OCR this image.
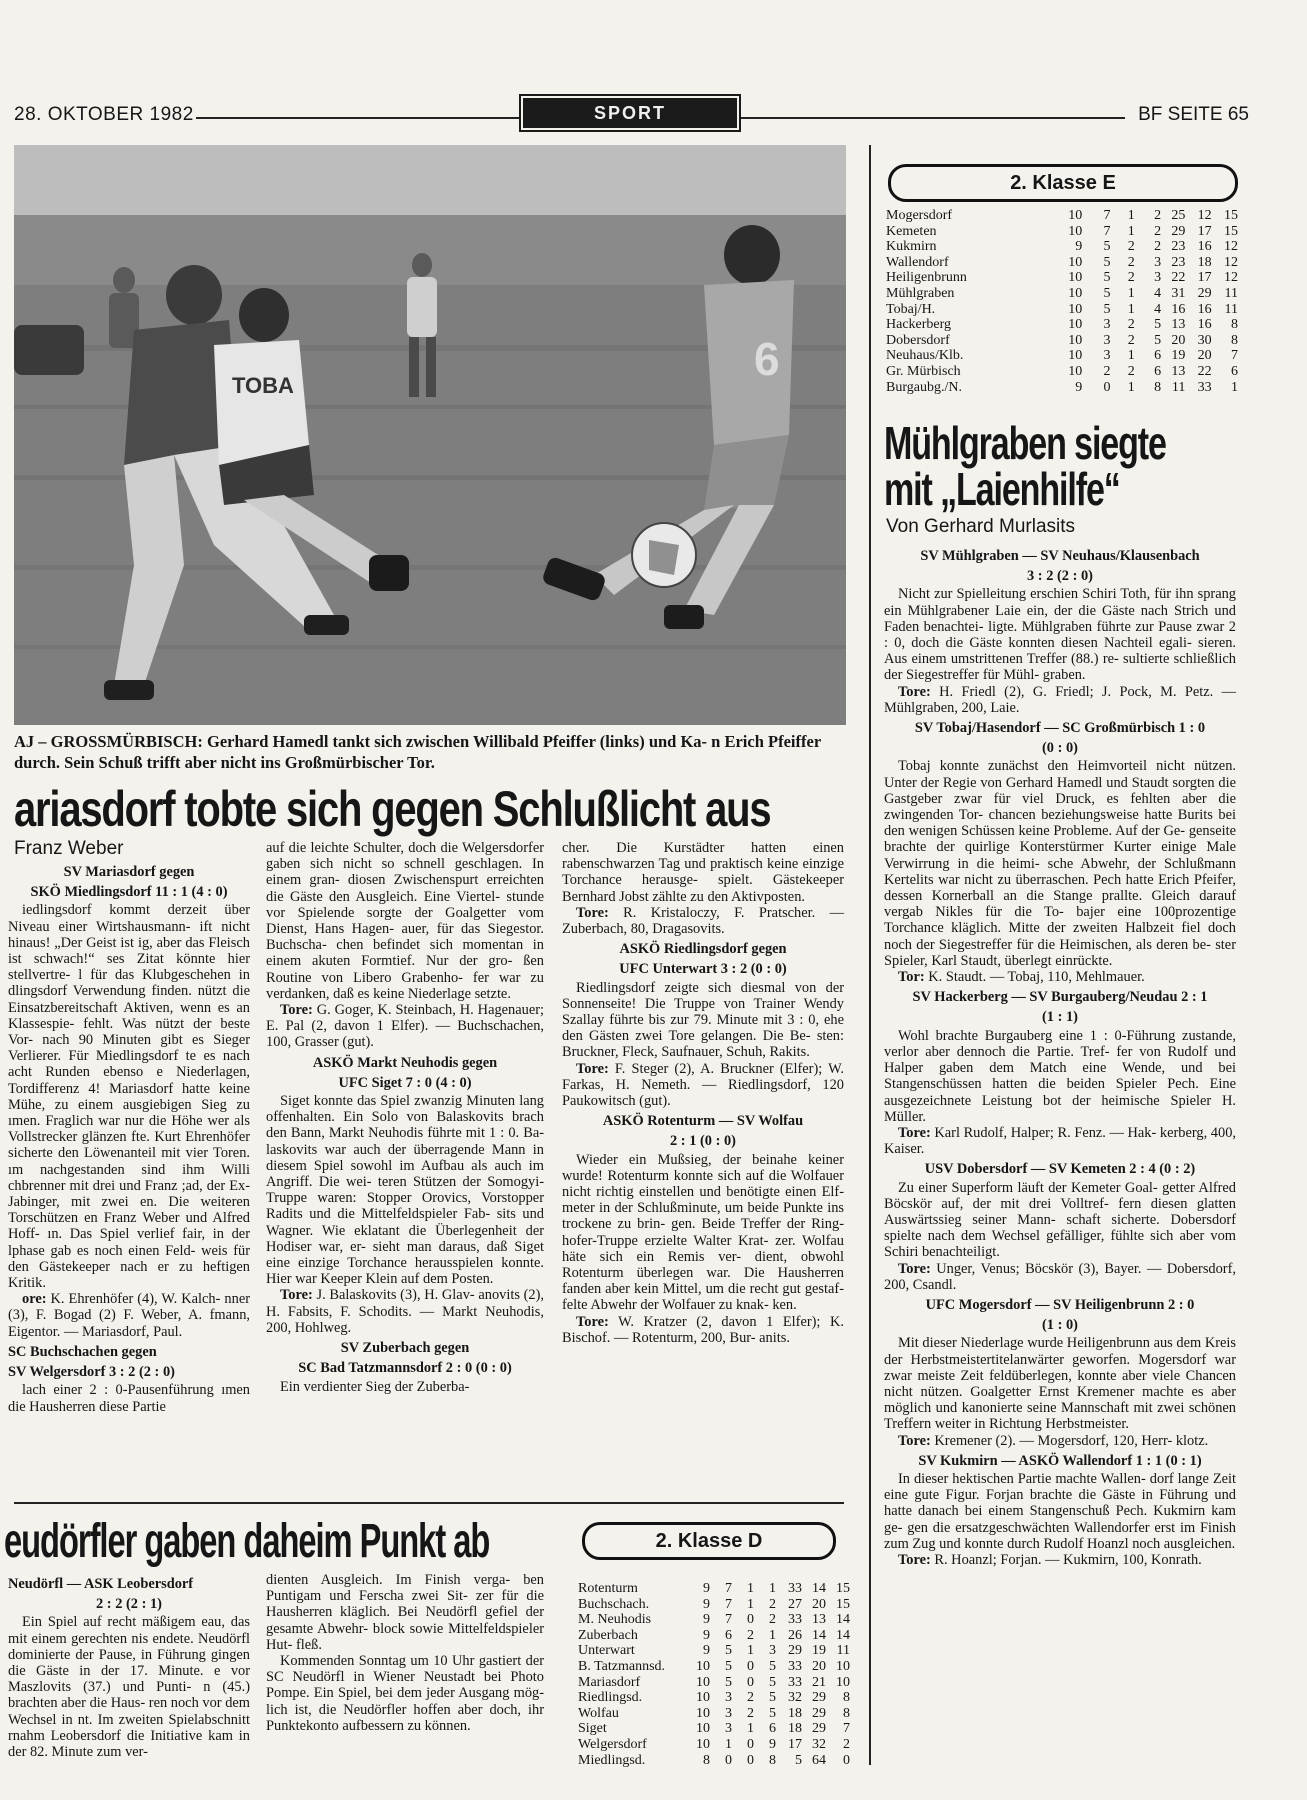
28. OKTOBER 1982	SPORT	BF SEITE 65
TOBA
6
AJ – GROSSMÜRBISCH: Gerhard Hamedl tankt sich zwischen Willibald Pfeiffer (links) und Ka- n Erich Pfeiffer durch. Sein Schuß trifft aber nicht ins Großmürbischer Tor.
ariasdorf tobte sich gegen Schlußlicht aus
Franz Weber

SV Mariasdorf gegen

SKÖ Miedlingsdorf 11 : 1 (4 : 0)

iedlingsdorf kommt derzeit über Niveau einer Wirtshausmann- ift nicht hinaus! „Der Geist ist ig, aber das Fleisch ist schwach!“ ses Zitat könnte hier stellvertre- l für das Klubgeschehen in dlingsdorf Verwendung finden. nützt die Einsatzbereitschaft Aktiven, wenn es an Klassespie- fehlt. Was nützt der beste Vor- nach 90 Minuten gibt es Sieger Verlierer. Für Miedlingsdorf te es nach acht Runden ebenso e Niederlagen, Tordifferenz 4! Mariasdorf hatte keine Mühe, zu einem ausgiebigen Sieg zu ımen. Fraglich war nur die Höhe wer als Vollstrecker glänzen fte. Kurt Ehrenhöfer sicherte den Löwenanteil mit vier Toren. ım nachgestanden sind ihm Willi chbrenner mit drei und Franz ;ad, der Ex-Jabinger, mit zwei en. Die weiteren Torschützen en Franz Weber und Alfred Hoff- ın. Das Spiel verlief fair, in der lphase gab es noch einen Feld- weis für den Gästekeeper nach er zu heftigen Kritik.

ore: K. Ehrenhöfer (4), W. Kalch- nner (3), F. Bogad (2) F. Weber, A. fmann, Eigentor. — Mariasdorf, Paul.

SC Buchschachen gegen

SV Welgersdorf 3 : 2 (2 : 0)

lach einer 2 : 0-Pausenführung ımen die Hausherren diese Partie

auf die leichte Schulter, doch die Welgersdorfer gaben sich nicht so schnell geschlagen. In einem gran- diosen Zwischenspurt erreichten die Gäste den Ausgleich. Eine Viertel- stunde vor Spielende sorgte der Goalgetter vom Dienst, Hans Hagen- auer, für das Siegestor. Buchscha- chen befindet sich momentan in einem akuten Formtief. Nur der gro- ßen Routine von Libero Grabenho- fer war zu verdanken, daß es keine Niederlage setzte.

Tore: G. Goger, K. Steinbach, H. Hagenauer; E. Pal (2, davon 1 Elfer). — Buchschachen, 100, Grasser (gut).

ASKÖ Markt Neuhodis gegen

UFC Siget 7 : 0 (4 : 0)

Siget konnte das Spiel zwanzig Minuten lang offenhalten. Ein Solo von Balaskovits brach den Bann, Markt Neuhodis führte mit 1 : 0. Ba- laskovits war auch der überragende Mann in diesem Spiel sowohl im Aufbau als auch im Angriff. Die wei- teren Stützen der Somogyi-Truppe waren: Stopper Orovics, Vorstopper Radits und die Mittelfeldspieler Fab- sits und Wagner. Wie eklatant die Überlegenheit der Hodiser war, er- sieht man daraus, daß Siget eine einzige Torchance herausspielen konnte. Hier war Keeper Klein auf dem Posten.

Tore: J. Balaskovits (3), H. Glav- anovits (2), H. Fabsits, F. Schodits. — Markt Neuhodis, 200, Hohlweg.

SV Zuberbach gegen

SC Bad Tatzmannsdorf 2 : 0 (0 : 0)

Ein verdienter Sieg der Zuberba-

cher. Die Kurstädter hatten einen rabenschwarzen Tag und praktisch keine einzige Torchance herausge- spielt. Gästekeeper Bernhard Jobst zählte zu den Aktivposten.

Tore: R. Kristaloczy, F. Pratscher. — Zuberbach, 80, Dragasovits.

ASKÖ Riedlingsdorf gegen

UFC Unterwart 3 : 2 (0 : 0)

Riedlingsdorf zeigte sich diesmal von der Sonnenseite! Die Truppe von Trainer Wendy Szallay führte bis zur 79. Minute mit 3 : 0, ehe den Gästen zwei Tore gelangen. Die Be- sten: Bruckner, Fleck, Saufnauer, Schuh, Rakits.

Tore: F. Steger (2), A. Bruckner (Elfer); W. Farkas, H. Nemeth. — Riedlingsdorf, 120 Paukowitsch (gut).

ASKÖ Rotenturm — SV Wolfau

2 : 1 (0 : 0)

Wieder ein Mußsieg, der beinahe keiner wurde! Rotenturm konnte sich auf die Wolfauer nicht richtig einstellen und benötigte einen Elf- meter in der Schlußminute, um beide Punkte ins trockene zu brin- gen. Beide Treffer der Ring- hofer-Truppe erzielte Walter Krat- zer. Wolfau häte sich ein Remis ver- dient, obwohl Rotenturm überlegen war. Die Hausherren fanden aber kein Mittel, um die recht gut gestaf- felte Abwehr der Wolfauer zu knak- ken.

Tore: W. Kratzer (2, davon 1 Elfer); K. Bischof. — Rotenturm, 200, Bur- anits.

eudörfler gaben daheim Punkt ab

Neudörfl — ASK Leobersdorf

2 : 2 (2 : 1)

Ein Spiel auf recht mäßigem eau, das mit einem gerechten nis endete. Neudörfl dominierte der Pause, in Führung gingen die Gäste in der 17. Minute. e vor Maszlovits (37.) und Punti- n (45.) brachten aber die Haus- ren noch vor dem Wechsel in nt. Im zweiten Spielabschnitt rnahm Leobersdorf die Initiative kam in der 82. Minute zum ver-

dienten Ausgleich. Im Finish verga- ben Puntigam und Ferscha zwei Sit- zer für die Hausherren kläglich. Bei Neudörfl gefiel der gesamte Abwehr- block sowie Mittelfeldspieler Hut- fleß.

Kommenden Sonntag um 10 Uhr gastiert der SC Neudörfl in Wiener Neustadt bei Photo Pompe. Ein Spiel, bei dem jeder Ausgang mög- lich ist, die Neudörfler hoffen aber doch, ihr Punktekonto aufbessern zu können.

2. Klasse D
Rotenturm	9	7	1	1	33	14	15
Buchschach.	9	7	1	2	27	20	15
M. Neuhodis	9	7	0	2	33	13	14
Zuberbach	9	6	2	1	26	14	14
Unterwart	9	5	1	3	29	19	11
B. Tatzmannsd.	10	5	0	5	33	20	10
Mariasdorf	10	5	0	5	33	21	10
Riedlingsd.	10	3	2	5	32	29	8
Wolfau	10	3	2	5	18	29	8
Siget	10	3	1	6	18	29	7
Welgersdorf	10	1	0	9	17	32	2
Miedlingsd.	8	0	0	8	5	64	0
2. Klasse E
Mogersdorf	10	7	1	2	25	12	15
Kemeten	10	7	1	2	29	17	15
Kukmirn	9	5	2	2	23	16	12
Wallendorf	10	5	2	3	23	18	12
Heiligenbrunn	10	5	2	3	22	17	12
Mühlgraben	10	5	1	4	31	29	11
Tobaj/H.	10	5	1	4	16	16	11
Hackerberg	10	3	2	5	13	16	8
Dobersdorf	10	3	2	5	20	30	8
Neuhaus/Klb.	10	3	1	6	19	20	7
Gr. Mürbisch	10	2	2	6	13	22	6
Burgaubg./N.	9	0	1	8	11	33	1
Mühlgraben siegte
mit „Laienhilfe“
Von Gerhard Murlasits

SV Mühlgraben — SV Neuhaus/Klausenbach

3 : 2 (2 : 0)

Nicht zur Spielleitung erschien Schiri Toth, für ihn sprang ein Mühlgrabener Laie ein, der die Gäste nach Strich und Faden benachtei- ligte. Mühlgraben führte zur Pause zwar 2 : 0, doch die Gäste konnten diesen Nachteil egali- sieren. Aus einem umstrittenen Treffer (88.) re- sultierte schließlich der Siegestreffer für Mühl- graben.

Tore: H. Friedl (2), G. Friedl; J. Pock, M. Petz. — Mühlgraben, 200, Laie.

SV Tobaj/Hasendorf — SC Großmürbisch 1 : 0

(0 : 0)

Tobaj konnte zunächst den Heimvorteil nicht nützen. Unter der Regie von Gerhard Hamedl und Staudt sorgten die Gastgeber zwar für viel Druck, es fehlten aber die zwingenden Tor- chancen beziehungsweise hatte Burits bei den wenigen Schüssen keine Probleme. Auf der Ge- genseite brachte der quirlige Konterstürmer Kurter einige Male Verwirrung in die heimi- sche Abwehr, der Schlußmann Kertelits war nicht zu überraschen. Pech hatte Erich Pfeifer, dessen Kornerball an die Stange prallte. Gleich darauf vergab Nikles für die To- bajer eine 100prozentige Torchance kläglich. Mitte der zweiten Halbzeit fiel doch noch der Siegestreffer für die Heimischen, als deren be- ster Spieler, Karl Staudt, überlegt einrückte.

Tor: K. Staudt. — Tobaj, 110, Mehlmauer.

SV Hackerberg — SV Burgauberg/Neudau 2 : 1

(1 : 1)

Wohl brachte Burgauberg eine 1 : 0-Führung zustande, verlor aber dennoch die Partie. Tref- fer von Rudolf und Halper gaben dem Match eine Wende, und bei Stangenschüssen hatten die beiden Spieler Pech. Eine ausgezeichnete Leistung bot der heimische Spieler H. Müller.

Tore: Karl Rudolf, Halper; R. Fenz. — Hak- kerberg, 400, Kaiser.

USV Dobersdorf — SV Kemeten 2 : 4 (0 : 2)

Zu einer Superform läuft der Kemeter Goal- getter Alfred Böcskör auf, der mit drei Volltref- fern diesen glatten Auswärtssieg seiner Mann- schaft sicherte. Dobersdorf spielte nach dem Wechsel gefälliger, fühlte sich aber vom Schiri benachteiligt.

Tore: Unger, Venus; Böcskör (3), Bayer. — Dobersdorf, 200, Csandl.

UFC Mogersdorf — SV Heiligenbrunn 2 : 0

(1 : 0)

Mit dieser Niederlage wurde Heiligenbrunn aus dem Kreis der Herbstmeistertitelanwärter geworfen. Mogersdorf war zwar meiste Zeit feldüberlegen, konnte aber viele Chancen nicht nützen. Goalgetter Ernst Kremener machte es aber möglich und kanonierte seine Mannschaft mit zwei schönen Treffern weiter in Richtung Herbstmeister.

Tore: Kremener (2). — Mogersdorf, 120, Herr- klotz.

SV Kukmirn — ASKÖ Wallendorf 1 : 1 (0 : 1)

In dieser hektischen Partie machte Wallen- dorf lange Zeit eine gute Figur. Forjan brachte die Gäste in Führung und hatte danach bei einem Stangenschuß Pech. Kukmirn kam ge- gen die ersatzgeschwächten Wallendorfer erst im Finish zum Zug und konnte durch Rudolf Hoanzl noch ausgleichen.

Tore: R. Hoanzl; Forjan. — Kukmirn, 100, Konrath.
